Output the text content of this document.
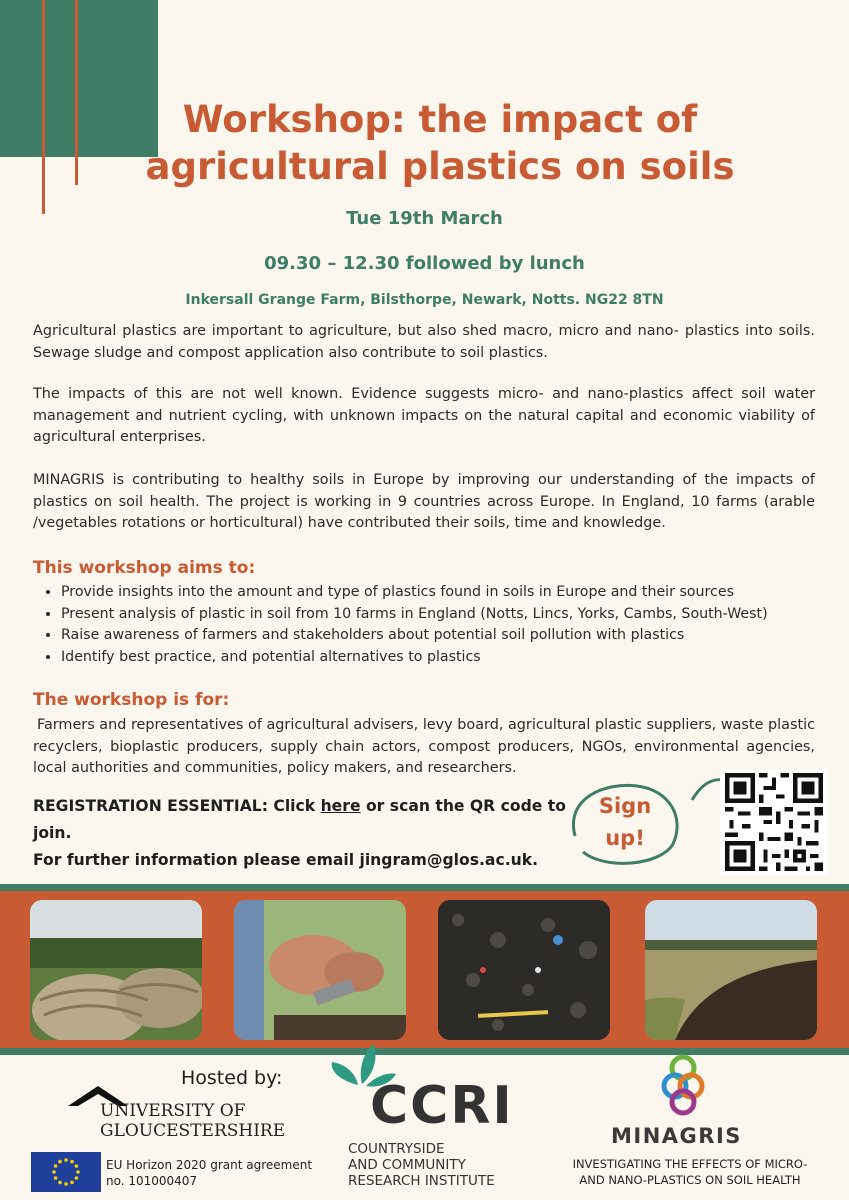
Workshop: the impact of
agricultural plastics on soils
Tue 19th March
09.30 – 12.30 followed by lunch
Inkersall Grange Farm, Bilsthorpe, Newark, Notts. NG22 8TN

Agricultural plastics are important to agriculture, but also shed macro, micro and nano- plastics into soils. Sewage sludge and compost application also contribute to soil plastics.

The impacts of this are not well known. Evidence suggests micro- and nano-plastics affect soil water management and nutrient cycling, with unknown impacts on the natural capital and economic viability of agricultural enterprises.

MINAGRIS is contributing to healthy soils in Europe by improving our understanding of the impacts of plastics on soil health. The project is working in 9 countries across Europe. In England, 10 farms (arable /vegetables rotations or horticultural) have contributed their soils, time and knowledge.

This workshop aims to:
• Provide insights into the amount and type of plastics found in soils in Europe and their sources
• Present analysis of plastic in soil from 10 farms in England (Notts, Lincs, Yorks, Cambs, South-West)
• Raise awareness of farmers and stakeholders about potential soil pollution with plastics
• Identify best practice, and potential alternatives to plastics
The workshop is for:

Farmers and representatives of agricultural advisers, levy board, agricultural plastic suppliers, waste plastic recyclers, bioplastic producers, supply chain actors, compost producers, NGOs, environmental agencies, local authorities and communities, policy makers, and researchers.

REGISTRATION ESSENTIAL: Click here or scan the QR code to join.
For further information please email jingram@glos.ac.uk.
Sign
up!
Hosted by:
UNIVERSITY OF
GLOUCESTERSHIRE
EU Horizon 2020 grant agreement
no. 101000407
CCRI
COUNTRYSIDE
AND COMMUNITY
RESEARCH INSTITUTE
MINAGRIS
INVESTIGATING THE EFFECTS OF MICRO-
AND NANO-PLASTICS ON SOIL HEALTH
